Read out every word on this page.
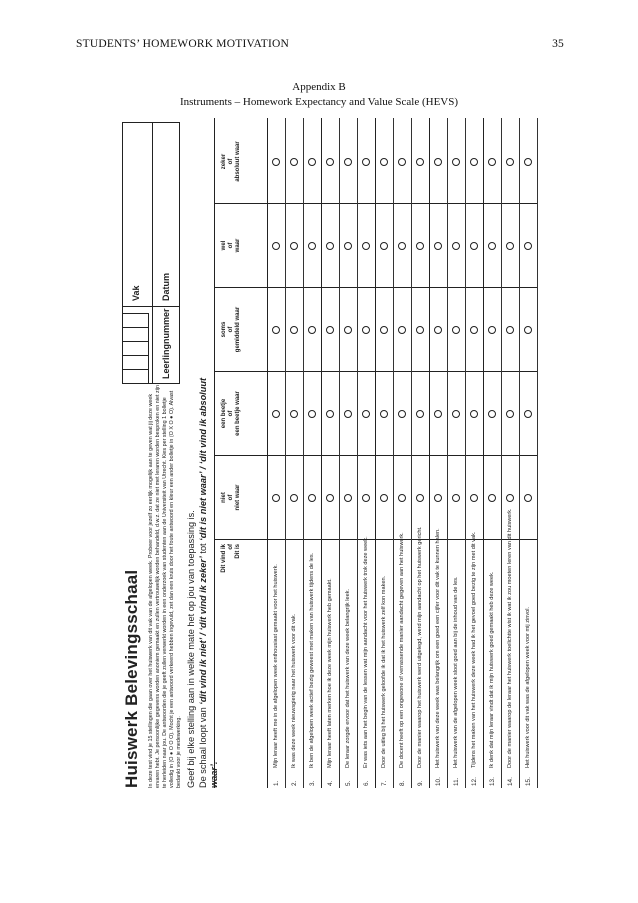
STUDENTS’ HOMEWORK MOTIVATION	35
Appendix B
Instruments – Homework Expectancy and Value Scale (HEVS)
Huiswerk Belevingsschaal In deze test vind je 15 stellingen die gaan over het huiswerk van dit vak van de afgelopen week. Probeer voor jezelf zo eerlijk mogelijk aan te geven wat jij deze week ervaren hebt. Je persoonlijke gegevens worden anoniem gemaakt en zullen vertrouwelijk worden behandeld, d.w.z. dat ze niet met leraren worden besproken en niet zijn te herleiden naar jou. De antwoorden die je geeft zullen verwerkt worden in een onderzoek van studenten aan de Universiteit van Utrecht. Kies per stelling 1 bolletje volledig in (O ● O O O). Mocht je een antwoord verkeerd hebben ingevuld, zet dan een kruis door het foute antwoord en kleur een ander bolletje in (O X O ● O). Alvast bedankt voor je medewerking. Geef bij elke stelling aan in welke mate het op jou van toepassing is. De schaal loopt van ‘dit vind ik niet’ / ‘dit vind ik zeker’ tot ‘dit is niet waar’ / ‘dit vind ik absoluut waar’.
Leerlingnummer
Vak Datum
Dit vind ik of Dit is
niet of niet waar
een beetje of een beetje waar
soms of gemiddeld waar
wel of waar
zeker of absoluut waar
1.
Mijn leraar heeft me in de afgelopen week enthousiast gemaakt voor het huiswerk.
2.
Ik was deze week nieuwsgierig naar het huiswerk voor dit vak.
3.
Ik ben de afgelopen week actief bezig geweest met maken van huiswerk tijdens de les.
4.
Mijn leraar heeft laten merken hoe ik deze week mijn huiswerk heb gemaakt.
5.
De leraar zorgde ervoor dat het huiswerk van deze week belangrijk leek.
6.
Er was iets aan het begin van de lessen wat mijn aandacht voor het huiswerk trok deze week.
7.
Door de uitleg bij het huiswerk geloofde ik dat ik het huiswerk zelf kon maken.
8.
De docent heeft op een ongewone of verrassende manier aandacht gegeven aan het huiswerk.
9.
Door de manier waarop het huiswerk werd uitgelegd, werd mijn aandacht op het huiswerk gericht.
10.
Het huiswerk van deze week was belangrijk om een goed een cijfer voor dit vak te kunnen halen.
11.
Het huiswerk van de afgelopen week sloot goed aan bij de inhoud van de les.
12.
Tijdens het maken van het huiswerk deze week had ik het gevoel goed bezig te zijn met dit vak.
13.
Ik denk dat mijn leraar vindt dat ik mijn huiswerk goed gemaakt heb deze week.
14.
Door de manier waarop de leraar het huiswerk toelichtte wist ik wat ik zou moeten leren van dit huiswerk.
15.
Het huiswerk voor dit vak was de afgelopen week voor mij zinvol.
